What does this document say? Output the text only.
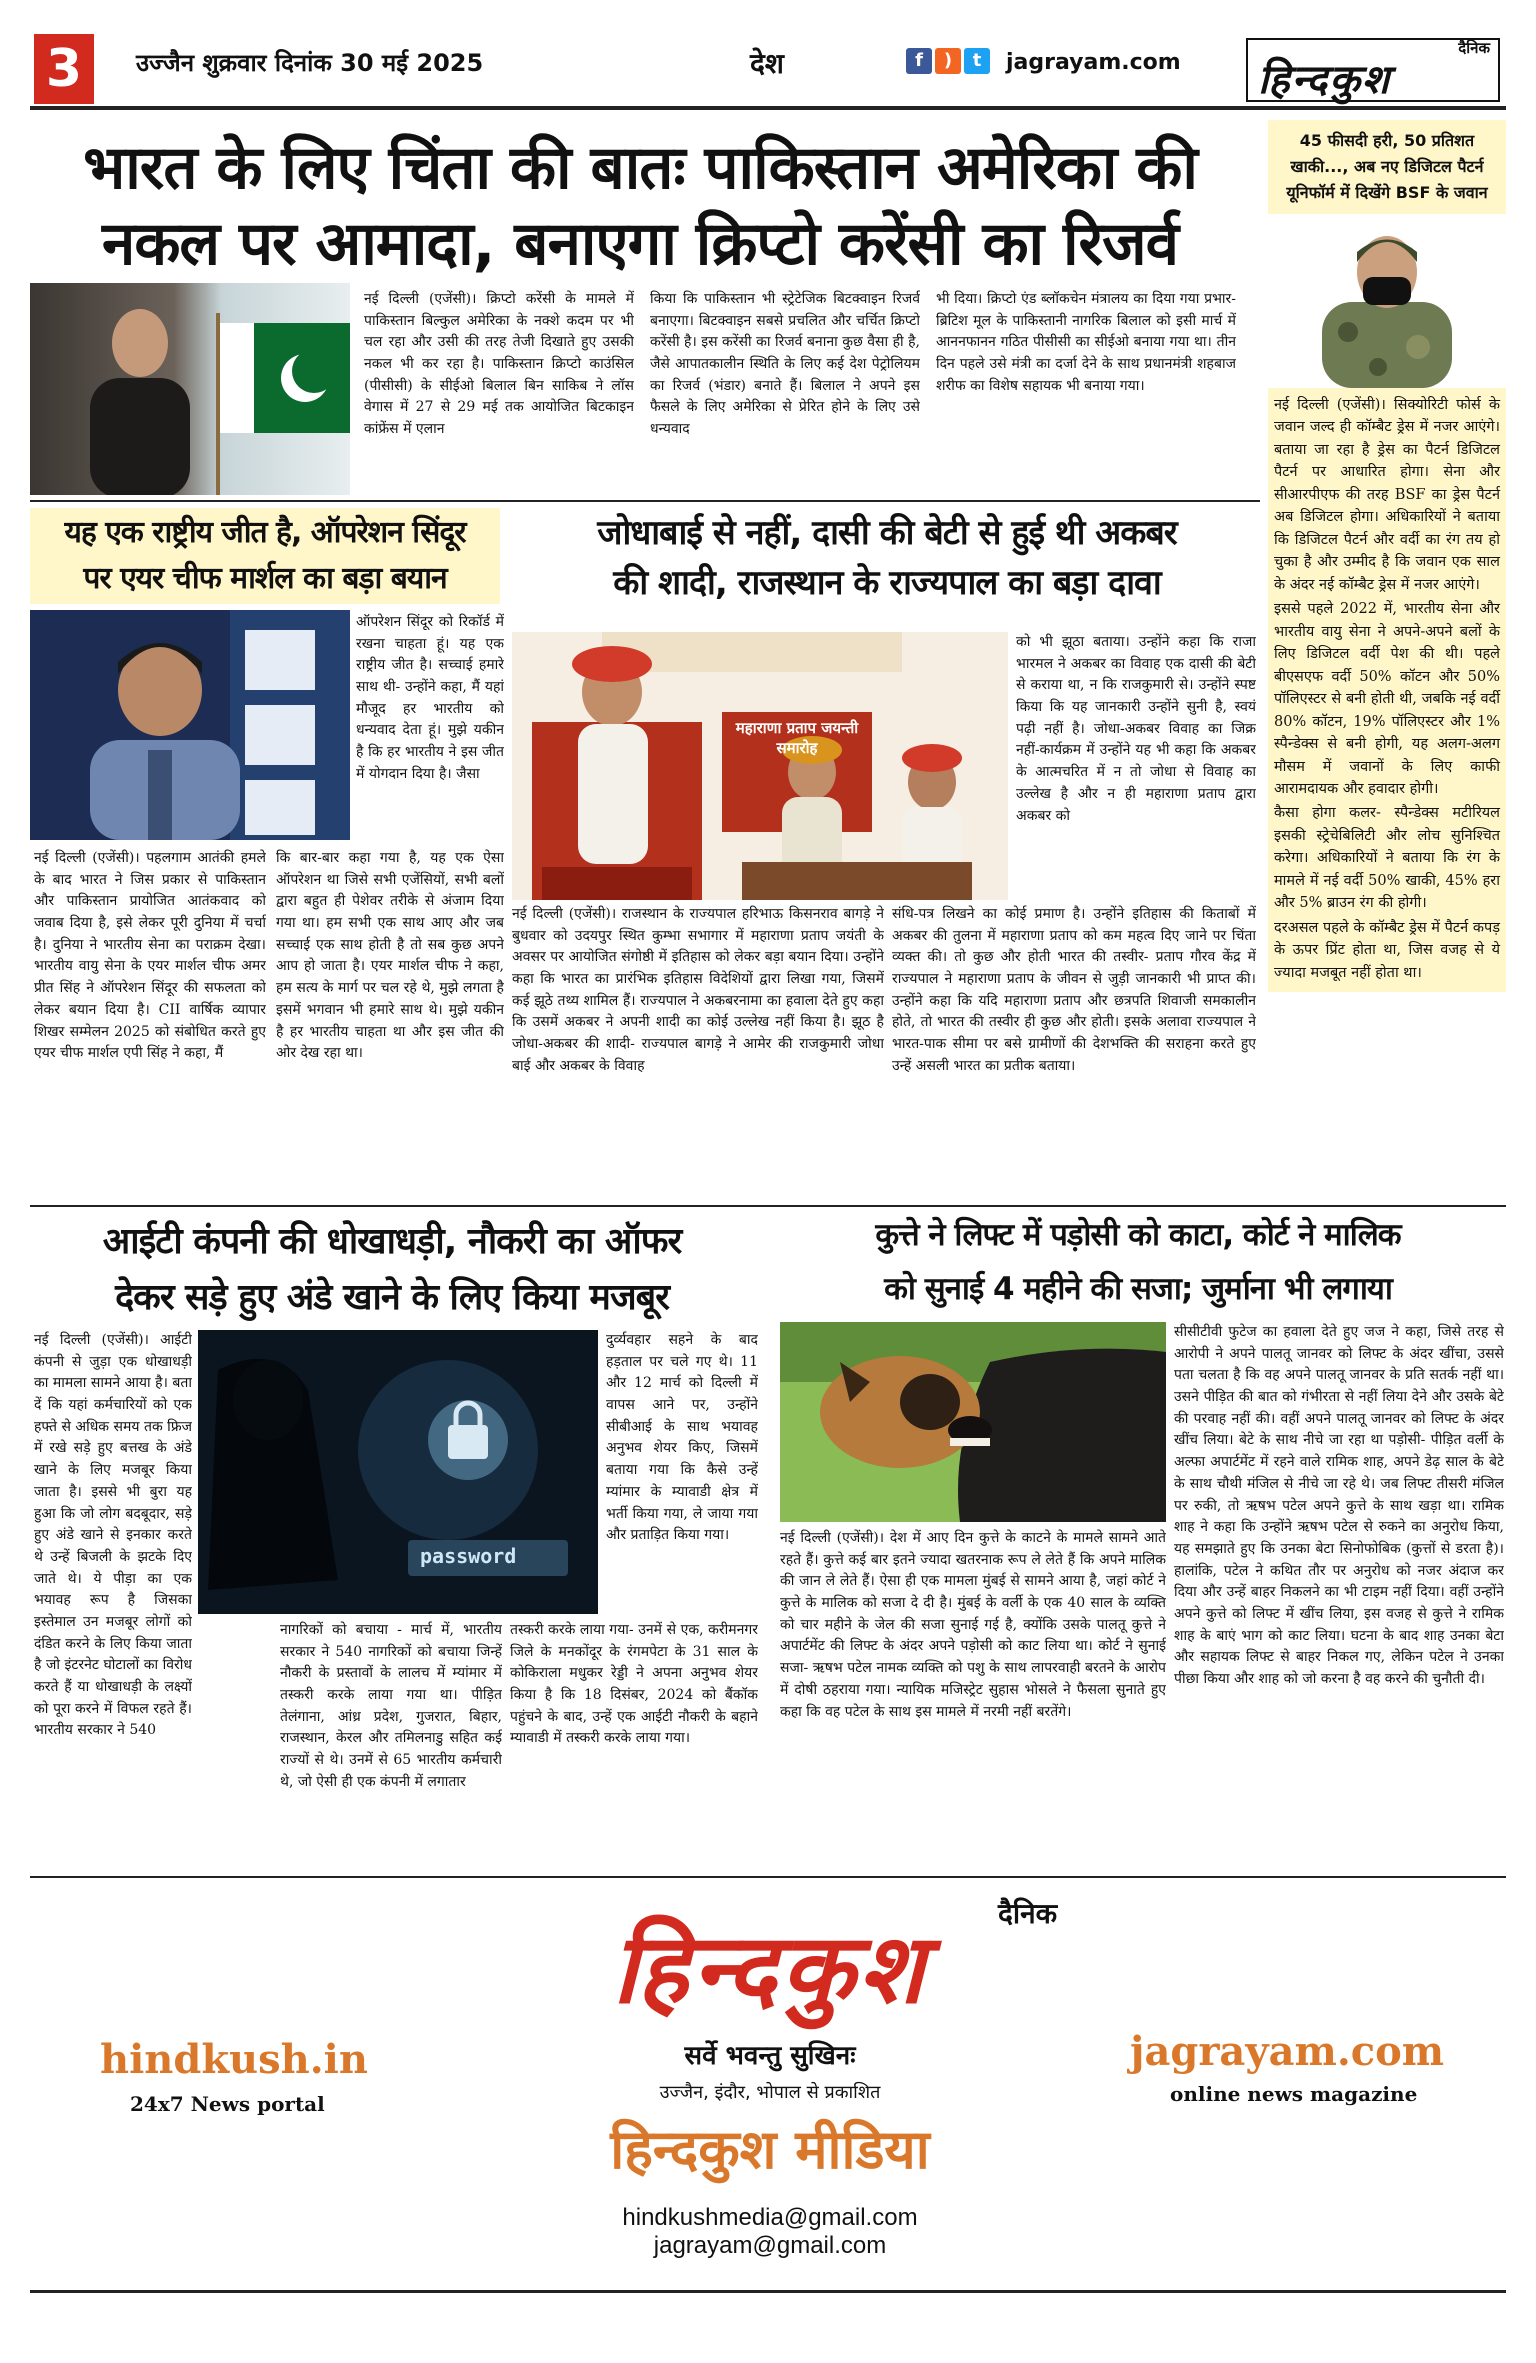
3	उज्जैन शुक्रवार दिनांक 30 मई 2025	देश	f ) t	jagrayam.com
दैनिक
हिन्दकुश
भारत के लिए चिंता की बातः पाकिस्तान अमेरिका की
नकल पर आमादा, बनाएगा क्रिप्टो करेंसी का रिजर्व
नई दिल्ली (एजेंसी)। क्रिप्टो करेंसी के मामले में पाकिस्तान बिल्कुल अमेरिका के नक्शे कदम पर भी चल रहा और उसी की तरह तेजी दिखाते हुए उसकी नकल भी कर रहा है। पाकिस्तान क्रिप्टो काउंसिल (पीसीसी) के सीईओ बिलाल बिन साकिब ने लॉस वेगास में 27 से 29 मई तक आयोजित बिटकाइन कांफ्रेंस में एलान
किया कि पाकिस्तान भी स्ट्रेटेजिक बिटक्वाइन रिजर्व बनाएगा। बिटक्वाइन सबसे प्रचलित और चर्चित क्रिप्टो करेंसी है। इस करेंसी का रिजर्व बनाना कुछ वैसा ही है, जैसे आपातकालीन स्थिति के लिए कई देश पेट्रोलियम का रिजर्व (भंडार) बनाते हैं। बिलाल ने अपने इस फैसले के लिए अमेरिका से प्रेरित होने के लिए उसे धन्यवाद
भी दिया। क्रिप्टो एंड ब्लॉकचेन मंत्रालय का दिया गया प्रभार- ब्रिटिश मूल के पाकिस्तानी नागरिक बिलाल को इसी मार्च में आननफानन गठित पीसीसी का सीईओ बनाया गया था। तीन दिन पहले उसे मंत्री का दर्जा देने के साथ प्रधानमंत्री शहबाज शरीफ का विशेष सहायक भी बनाया गया।
45 फीसदी हरी, 50 प्रतिशत
खाकी..., अब नए डिजिटल पैटर्न
यूनिफॉर्म में दिखेंगे BSF के जवान

नई दिल्ली (एजेंसी)। सिक्योरिटी फोर्स के जवान जल्द ही कॉम्बैट ड्रेस में नजर आएंगे। बताया जा रहा है ड्रेस का पैटर्न डिजिटल पैटर्न पर आधारित होगा। सेना और सीआरपीएफ की तरह BSF का ड्रेस पैटर्न अब डिजिटल होगा। अधिकारियों ने बताया कि डिजिटल पैटर्न और वर्दी का रंग तय हो चुका है और उम्मीद है कि जवान एक साल के अंदर नई कॉम्बैट ड्रेस में नजर आएंगे।

इससे पहले 2022 में, भारतीय सेना और भारतीय वायु सेना ने अपने-अपने बलों के लिए डिजिटल वर्दी पेश की थी। पहले बीएसएफ वर्दी 50% कॉटन और 50% पॉलिएस्टर से बनी होती थी, जबकि नई वर्दी 80% कॉटन, 19% पॉलिएस्टर और 1% स्पैन्डेक्स से बनी होगी, यह अलग-अलग मौसम में जवानों के लिए काफी आरामदायक और हवादार होगी।

कैसा होगा कलर- स्पैन्डेक्स मटीरियल इसकी स्ट्रेचेबिलिटी और लोच सुनिश्चित करेगा। अधिकारियों ने बताया कि रंग के मामले में नई वर्दी 50% खाकी, 45% हरा और 5% ब्राउन रंग की होगी।

दरअसल पहले के कॉम्बैट ड्रेस में पैटर्न कपड़ के ऊपर प्रिंट होता था, जिस वजह से ये ज्यादा मजबूत नहीं होता था।

यह एक राष्ट्रीय जीत है, ऑपरेशन सिंदूर
पर एयर चीफ मार्शल का बड़ा बयान
ऑपरेशन सिंदूर को रिकॉर्ड में रखना चाहता हूं। यह एक राष्ट्रीय जीत है। सच्चाई हमारे साथ थी- उन्होंने कहा, मैं यहां मौजूद हर भारतीय को धन्यवाद देता हूं। मुझे यकीन है कि हर भारतीय ने इस जीत में योगदान दिया है। जैसा
नई दिल्ली (एजेंसी)। पहलगाम आतंकी हमले के बाद भारत ने जिस प्रकार से पाकिस्तान और पाकिस्तान प्रायोजित आतंकवाद को जवाब दिया है, इसे लेकर पूरी दुनिया में चर्चा है। दुनिया ने भारतीय सेना का पराक्रम देखा। भारतीय वायु सेना के एयर मार्शल चीफ अमर प्रीत सिंह ने ऑपरेशन सिंदूर की सफलता को लेकर बयान दिया है। CII वार्षिक व्यापार शिखर सम्मेलन 2025 को संबोधित करते हुए एयर चीफ मार्शल एपी सिंह ने कहा, मैं
कि बार-बार कहा गया है, यह एक ऐसा ऑपरेशन था जिसे सभी एजेंसियों, सभी बलों द्वारा बहुत ही पेशेवर तरीके से अंजाम दिया गया था। हम सभी एक साथ आए और जब सच्चाई एक साथ होती है तो सब कुछ अपने आप हो जाता है। एयर मार्शल चीफ ने कहा, हम सत्य के मार्ग पर चल रहे थे, मुझे लगता है इसमें भगवान भी हमारे साथ थे। मुझे यकीन है हर भारतीय चाहता था और इस जीत की ओर देख रहा था।
जोधाबाई से नहीं, दासी की बेटी से हुई थी अकबर
की शादी, राजस्थान के राज्यपाल का बड़ा दावा
महाराणा प्रताप जयन्ती समारोह
को भी झूठा बताया। उन्होंने कहा कि राजा भारमल ने अकबर का विवाह एक दासी की बेटी से कराया था, न कि राजकुमारी से। उन्होंने स्पष्ट किया कि यह जानकारी उन्होंने सुनी है, स्वयं पढ़ी नहीं है। जोधा-अकबर विवाह का जिक्र नहीं-कार्यक्रम में उन्होंने यह भी कहा कि अकबर के आत्मचरित में न तो जोधा से विवाह का उल्लेख है और न ही महाराणा प्रताप द्वारा अकबर को
नई दिल्ली (एजेंसी)। राजस्थान के राज्यपाल हरिभाऊ किसनराव बागड़े ने बुधवार को उदयपुर स्थित कुम्भा सभागार में महाराणा प्रताप जयंती के अवसर पर आयोजित संगोष्ठी में इतिहास को लेकर बड़ा बयान दिया। उन्होंने कहा कि भारत का प्रारंभिक इतिहास विदेशियों द्वारा लिखा गया, जिसमें कई झूठे तथ्य शामिल हैं। राज्यपाल ने अकबरनामा का हवाला देते हुए कहा कि उसमें अकबर ने अपनी शादी का कोई उल्लेख नहीं किया है। झूठ है जोधा-अकबर की शादी- राज्यपाल बागड़े ने आमेर की राजकुमारी जोधा बाई और अकबर के विवाह
संधि-पत्र लिखने का कोई प्रमाण है। उन्होंने इतिहास की किताबों में अकबर की तुलना में महाराणा प्रताप को कम महत्व दिए जाने पर चिंता व्यक्त की। तो कुछ और होती भारत की तस्वीर- प्रताप गौरव केंद्र में राज्यपाल ने महाराणा प्रताप के जीवन से जुड़ी जानकारी भी प्राप्त की। उन्होंने कहा कि यदि महाराणा प्रताप और छत्रपति शिवाजी समकालीन होते, तो भारत की तस्वीर ही कुछ और होती। इसके अलावा राज्यपाल ने भारत-पाक सीमा पर बसे ग्रामीणों की देशभक्ति की सराहना करते हुए उन्हें असली भारत का प्रतीक बताया।
आईटी कंपनी की धोखाधड़ी, नौकरी का ऑफर
देकर सड़े हुए अंडे खाने के लिए किया मजबूर
password
नई दिल्ली (एजेंसी)। आईटी कंपनी से जुड़ा एक धोखाधड़ी का मामला सामने आया है। बता दें कि यहां कर्मचारियों को एक हफ्ते से अधिक समय तक फ्रिज में रखे सड़े हुए बत्तख के अंडे खाने के लिए मजबूर किया जाता है। इससे भी बुरा यह हुआ कि जो लोग बदबूदार, सड़े हुए अंडे खाने से इनकार करते थे उन्हें बिजली के झटके दिए जाते थे। ये पीड़ा का एक भयावह रूप है जिसका इस्तेमाल उन मजबूर लोगों को दंडित करने के लिए किया जाता है जो इंटरनेट घोटालों का विरोध करते हैं या धोखाधड़ी के लक्ष्यों को पूरा करने में विफल रहते हैं। भारतीय सरकार ने 540
दुर्व्यवहार सहने के बाद हड़ताल पर चले गए थे। 11 और 12 मार्च को दिल्ली में वापस आने पर, उन्होंने सीबीआई के साथ भयावह अनुभव शेयर किए, जिसमें बताया गया कि कैसे उन्हें म्यांमार के म्यावाडी क्षेत्र में भर्ती किया गया, ले जाया गया और प्रताड़ित किया गया।
नागरिकों को बचाया - मार्च में, भारतीय सरकार ने 540 नागरिकों को बचाया जिन्हें नौकरी के प्रस्तावों के लालच में म्यांमार में तस्करी करके लाया गया था। पीड़ित तेलंगाना, आंध्र प्रदेश, गुजरात, बिहार, राजस्थान, केरल और तमिलनाडु सहित कई राज्यों से थे। उनमें से 65 भारतीय कर्मचारी थे, जो ऐसी ही एक कंपनी में लगातार
तस्करी करके लाया गया- उनमें से एक, करीमनगर जिले के मनकोंदूर के रंगमपेटा के 31 साल के कोकिराला मधुकर रेड्डी ने अपना अनुभव शेयर किया है कि 18 दिसंबर, 2024 को बैंकॉक पहुंचने के बाद, उन्हें एक आईटी नौकरी के बहाने म्यावाडी में तस्करी करके लाया गया।
कुत्ते ने लिफ्ट में पड़ोसी को काटा, कोर्ट ने मालिक
को सुनाई 4 महीने की सजा; जुर्माना भी लगाया
सीसीटीवी फुटेज का हवाला देते हुए जज ने कहा, जिसे तरह से आरोपी ने अपने पालतू जानवर को लिफ्ट के अंदर खींचा, उससे पता चलता है कि वह अपने पालतू जानवर के प्रति सतर्क नहीं था। उसने पीड़ित की बात को गंभीरता से नहीं लिया देने और उसके बेटे की परवाह नहीं की। वहीं अपने पालतू जानवर को लिफ्ट के अंदर खींच लिया। बेटे के साथ नीचे जा रहा था पड़ोसी- पीड़ित वर्ली के अल्फा अपार्टमेंट में रहने वाले रामिक शाह, अपने डेढ़ साल के बेटे के साथ चौथी मंजिल से नीचे जा रहे थे। जब लिफ्ट तीसरी मंजिल पर रुकी, तो ऋषभ पटेल अपने कुत्ते के साथ खड़ा था। रामिक शाह ने कहा कि उन्होंने ऋषभ पटेल से रुकने का अनुरोध किया, यह समझाते हुए कि उनका बेटा सिनोफोबिक (कुत्तों से डरता है)। हालांकि, पटेल ने कथित तौर पर अनुरोध को नजर अंदाज कर दिया और उन्हें बाहर निकलने का भी टाइम नहीं दिया। वहीं उन्होंने अपने कुत्ते को लिफ्ट में खींच लिया, इस वजह से कुत्ते ने रामिक शाह के बाएं भाग को काट लिया। घटना के बाद शाह उनका बेटा और सहायक लिफ्ट से बाहर निकल गए, लेकिन पटेल ने उनका पीछा किया और शाह को जो करना है वह करने की चुनौती दी।
नई दिल्ली (एजेंसी)। देश में आए दिन कुत्ते के काटने के मामले सामने आते रहते हैं। कुत्ते कई बार इतने ज्यादा खतरनाक रूप ले लेते हैं कि अपने मालिक की जान ले लेते हैं। ऐसा ही एक मामला मुंबई से सामने आया है, जहां कोर्ट ने कुत्ते के मालिक को सजा दे दी है। मुंबई के वर्ली के एक 40 साल के व्यक्ति को चार महीने के जेल की सजा सुनाई गई है, क्योंकि उसके पालतू कुत्ते ने अपार्टमेंट की लिफ्ट के अंदर अपने पड़ोसी को काट लिया था। कोर्ट ने सुनाई सजा- ऋषभ पटेल नामक व्यक्ति को पशु के साथ लापरवाही बरतने के आरोप में दोषी ठहराया गया। न्यायिक मजिस्ट्रेट सुहास भोसले ने फैसला सुनाते हुए कहा कि वह पटेल के साथ इस मामले में नरमी नहीं बरतेंगे।
दैनिक
हिन्दकुश
सर्वे भवन्तु सुखिनः
उज्जैन, इंदौर, भोपाल से प्रकाशित
हिन्दकुश मीडिया
hindkush.in
24x7 News portal
jagrayam.com
online news magazine
hindkushmedia@gmail.com
jagrayam@gmail.com
